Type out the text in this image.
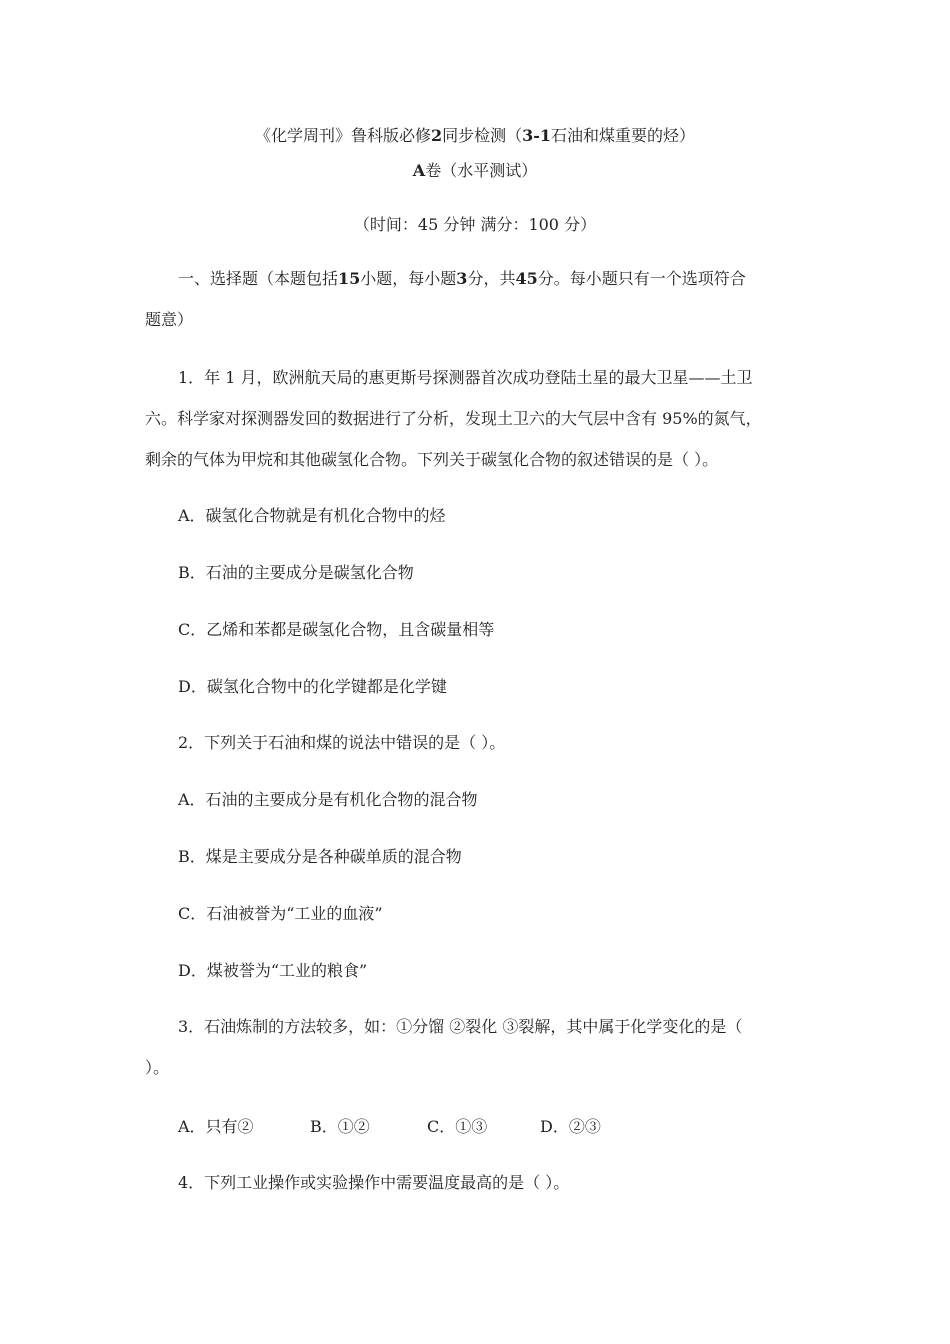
《化学周刊》鲁科版必修2同步检测（3-1石油和煤重要的烃）
A卷（水平测试）
（时间：45 分钟 满分：100 分）
一、选择题（本题包括15小题，每小题3分，共45分。每小题只有一个选项符合
题意）
1．年 1 月，欧洲航天局的惠更斯号探测器首次成功登陆土星的最大卫星——土卫
六。科学家对探测器发回的数据进行了分析，发现土卫六的大气层中含有 95%的氮气，
剩余的气体为甲烷和其他碳氢化合物。下列关于碳氢化合物的叙述错误的是（ ）。
A．碳氢化合物就是有机化合物中的烃
B．石油的主要成分是碳氢化合物
C．乙烯和苯都是碳氢化合物，且含碳量相等
D．碳氢化合物中的化学键都是化学键
2．下列关于石油和煤的说法中错误的是（ ）。
A．石油的主要成分是有机化合物的混合物
B．煤是主要成分是各种碳单质的混合物
C．石油被誉为“工业的血液”
D．煤被誉为“工业的粮食”
3．石油炼制的方法较多，如：①分馏 ②裂化 ③裂解，其中属于化学变化的是（
）。
A．只有②	B．①②	C．①③	D．②③
4．下列工业操作或实验操作中需要温度最高的是（ ）。
